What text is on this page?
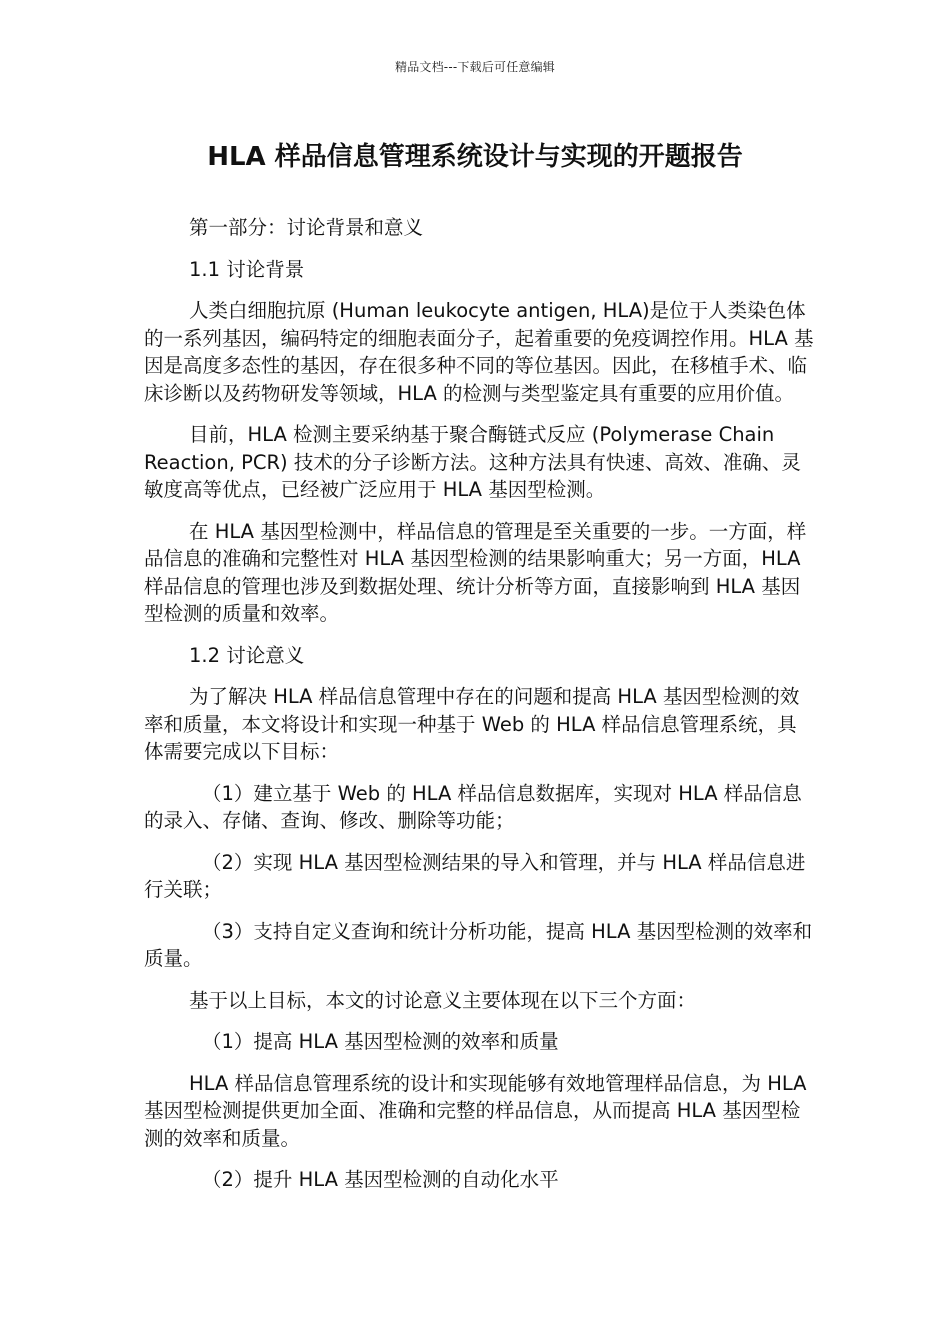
精品文档---下载后可任意编辑
HLA 样品信息管理系统设计与实现的开题报告

第一部分：讨论背景和意义

1.1 讨论背景

人类白细胞抗原 (Human leukocyte antigen, HLA)是位于人类染色体的一系列基因，编码特定的细胞表面分子，起着重要的免疫调控作用。HLA 基因是高度多态性的基因，存在很多种不同的等位基因。因此，在移植手术、临床诊断以及药物研发等领域，HLA 的检测与类型鉴定具有重要的应用价值。

目前，HLA 检测主要采纳基于聚合酶链式反应 (Polymerase Chain Reaction, PCR) 技术的分子诊断方法。这种方法具有快速、高效、准确、灵敏度高等优点，已经被广泛应用于 HLA 基因型检测。

在 HLA 基因型检测中，样品信息的管理是至关重要的一步。一方面，样品信息的准确和完整性对 HLA 基因型检测的结果影响重大；另一方面，HLA 样品信息的管理也涉及到数据处理、统计分析等方面，直接影响到 HLA 基因型检测的质量和效率。

1.2 讨论意义

为了解决 HLA 样品信息管理中存在的问题和提高 HLA 基因型检测的效率和质量，本文将设计和实现一种基于 Web 的 HLA 样品信息管理系统，具体需要完成以下目标：

（1）建立基于 Web 的 HLA 样品信息数据库，实现对 HLA 样品信息的录入、存储、查询、修改、删除等功能；

（2）实现 HLA 基因型检测结果的导入和管理，并与 HLA 样品信息进行关联；

（3）支持自定义查询和统计分析功能，提高 HLA 基因型检测的效率和质量。

基于以上目标，本文的讨论意义主要体现在以下三个方面：

（1）提高 HLA 基因型检测的效率和质量

HLA 样品信息管理系统的设计和实现能够有效地管理样品信息，为 HLA 基因型检测提供更加全面、准确和完整的样品信息，从而提高 HLA 基因型检测的效率和质量。

（2）提升 HLA 基因型检测的自动化水平
